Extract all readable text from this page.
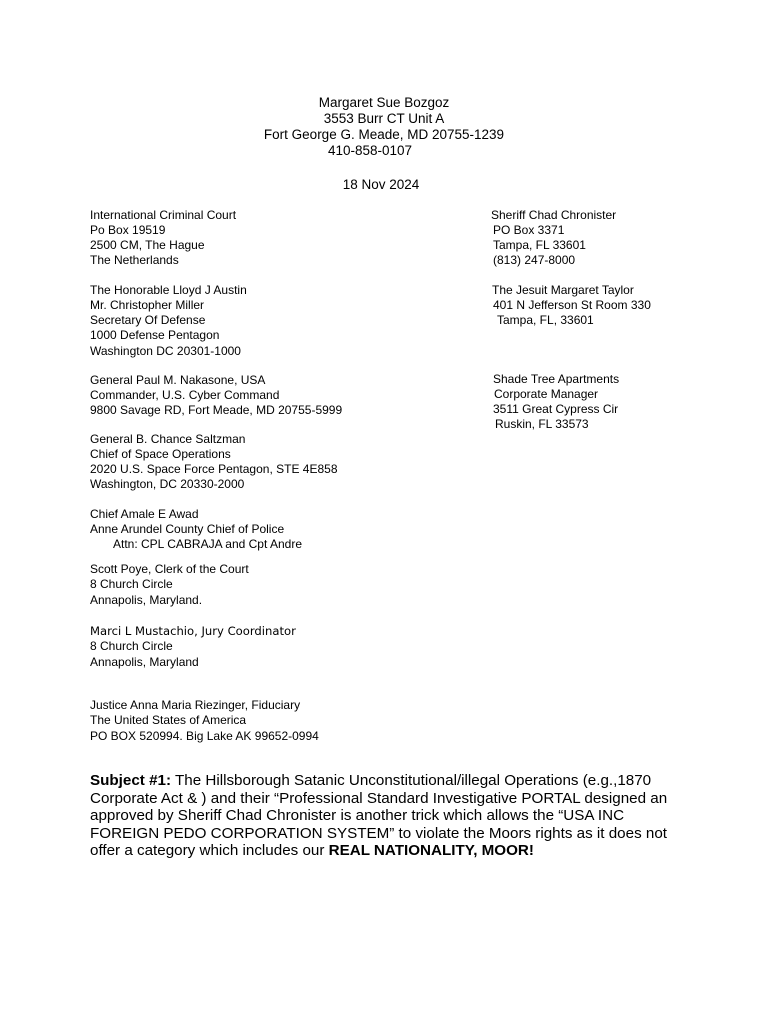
Margaret Sue Bozgoz
3553 Burr CT Unit A
Fort George G. Meade, MD 20755-1239
410-858-0107
18 Nov 2024
International Criminal Court
Po Box 19519
2500 CM, The Hague
The Netherlands
The Honorable Lloyd J Austin
Mr. Christopher Miller
Secretary Of Defense
1000 Defense Pentagon
Washington DC 20301-1000
General Paul M. Nakasone, USA
Commander, U.S. Cyber Command
9800 Savage RD, Fort Meade, MD 20755-5999
General B. Chance Saltzman
Chief of Space Operations
2020 U.S. Space Force Pentagon, STE 4E858
Washington, DC 20330-2000
Chief Amale E Awad
Anne Arundel County Chief of Police
Attn: CPL CABRAJA and Cpt Andre
Scott Poye, Clerk of the Court
8 Church Circle
Annapolis, Maryland.
Marci L Mustachio, Jury Coordinator
8 Church Circle
Annapolis, Maryland
Justice Anna Maria Riezinger, Fiduciary
The United States of America
PO BOX 520994. Big Lake AK 99652-0994
Sheriff Chad Chronister
PO Box 3371
Tampa, FL 33601
(813) 247-8000
The Jesuit Margaret Taylor
401 N Jefferson St Room 330
Tampa, FL, 33601
Shade Tree Apartments
Corporate Manager
3511 Great Cypress Cir
Ruskin, FL 33573
Subject #1: The Hillsborough Satanic Unconstitutional/illegal Operations (e.g.,1870 Corporate Act & ) and their “Professional Standard Investigative PORTAL designed an approved by Sheriff Chad Chronister is another trick which allows the “USA INC FOREIGN PEDO CORPORATION SYSTEM” to violate the Moors rights as it does not offer a category which includes our REAL NATIONALITY, MOOR!
